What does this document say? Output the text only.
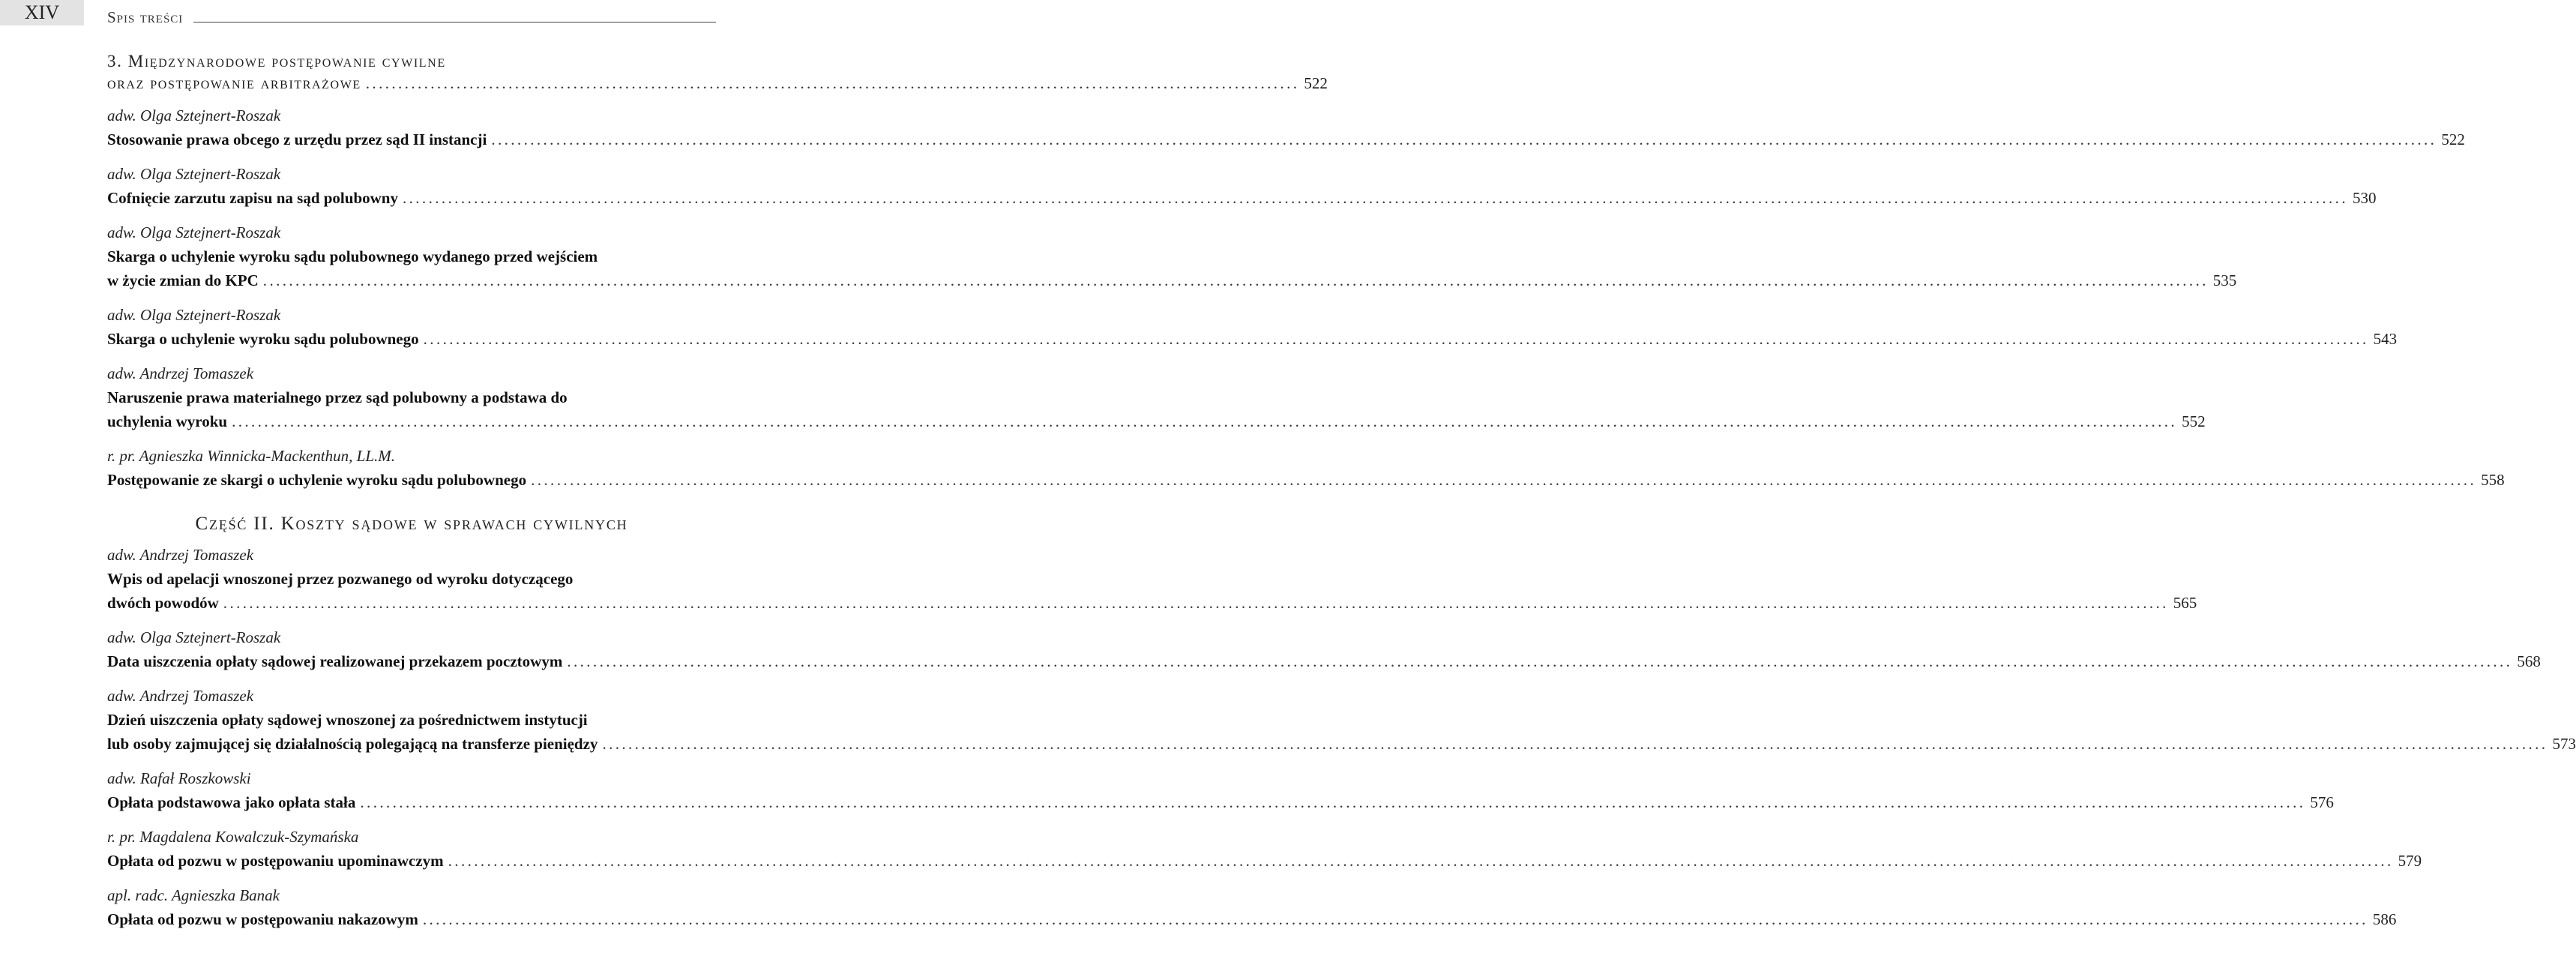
XIV	Spis treści
3. Międzynarodowe postępowanie cywilne
oraz postępowanie arbitrażowe ................................................................................................................................................ 522
adw. Olga Sztejnert-Roszak
Stosowanie prawa obcego z urzędu przez sąd II instancji ............................................................................................................................................................................................................................................................................................................ 522
adw. Olga Sztejnert-Roszak
Cofnięcie zarzutu zapisu na sąd polubowny ............................................................................................................................................................................................................................................................................................................ 530
adw. Olga Sztejnert-Roszak
Skarga o uchylenie wyroku sądu polubownego wydanego przed wejściem
w życie zmian do KPC ............................................................................................................................................................................................................................................................................................................ 535
adw. Olga Sztejnert-Roszak
Skarga o uchylenie wyroku sądu polubownego ............................................................................................................................................................................................................................................................................................................ 543
adw. Andrzej Tomaszek
Naruszenie prawa materialnego przez sąd polubowny a podstawa do
uchylenia wyroku ............................................................................................................................................................................................................................................................................................................ 552
r. pr. Agnieszka Winnicka-Mackenthun, LL.M.
Postępowanie ze skargi o uchylenie wyroku sądu polubownego ............................................................................................................................................................................................................................................................................................................ 558
Część II. Koszty sądowe w sprawach cywilnych
adw. Andrzej Tomaszek
Wpis od apelacji wnoszonej przez pozwanego od wyroku dotyczącego
dwóch powodów ............................................................................................................................................................................................................................................................................................................ 565
adw. Olga Sztejnert-Roszak
Data uiszczenia opłaty sądowej realizowanej przekazem pocztowym ............................................................................................................................................................................................................................................................................................................ 568
adw. Andrzej Tomaszek
Dzień uiszczenia opłaty sądowej wnoszonej za pośrednictwem instytucji
lub osoby zajmującej się działalnością polegającą na transferze pieniędzy ............................................................................................................................................................................................................................................................................................................ 573
adw. Rafał Roszkowski
Opłata podstawowa jako opłata stała ............................................................................................................................................................................................................................................................................................................ 576
r. pr. Magdalena Kowalczuk-Szymańska
Opłata od pozwu w postępowaniu upominawczym ............................................................................................................................................................................................................................................................................................................ 579
apl. radc. Agnieszka Banak
Opłata od pozwu w postępowaniu nakazowym ............................................................................................................................................................................................................................................................................................................ 586
